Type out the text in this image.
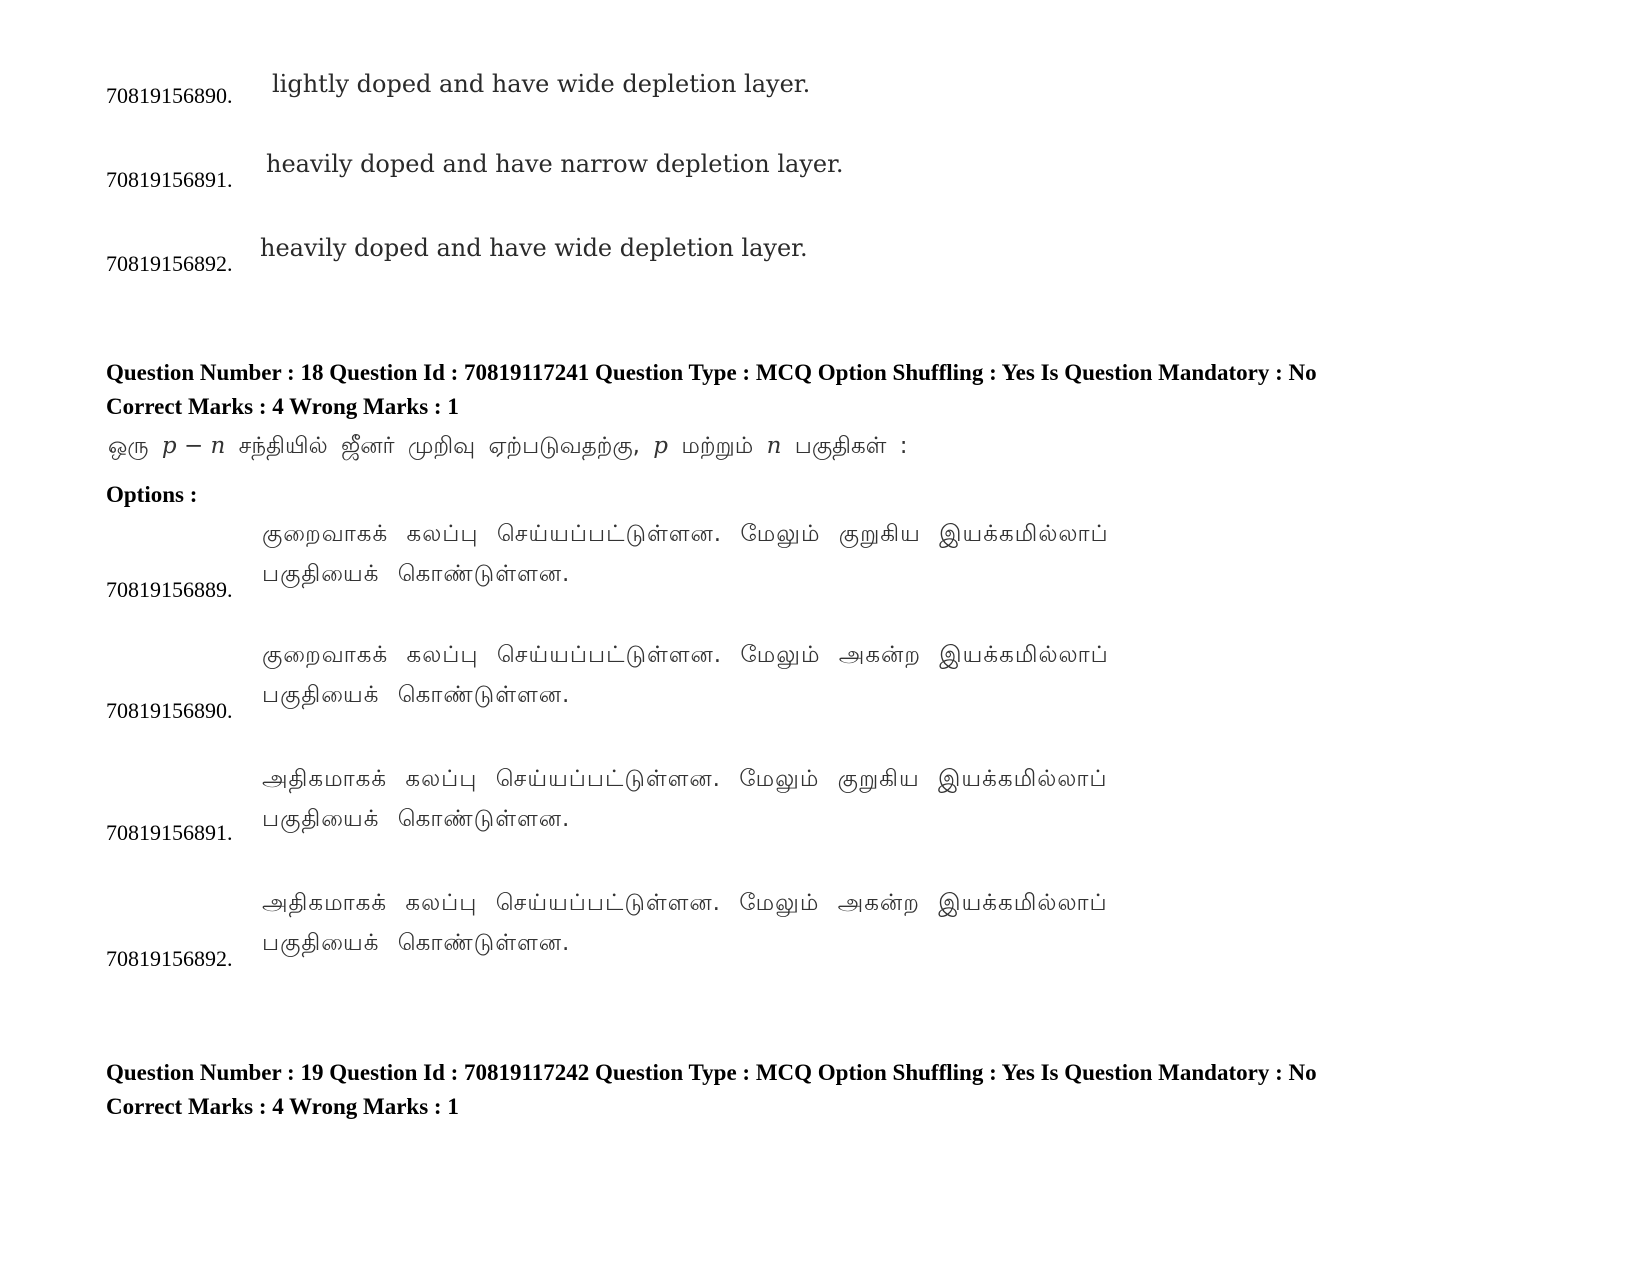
70819156890. lightly doped and have wide depletion layer.
70819156891.
heavily doped and have narrow depletion layer.
70819156892.
heavily doped and have wide depletion layer.
Question Number : 18 Question Id : 70819117241 Question Type : MCQ Option Shuffling : Yes Is Question Mandatory : No
Correct Marks : 4 Wrong Marks : 1
ஒரு p − n சந்தியில் ஜீனர் முறிவு ஏற்படுவதற்கு, p மற்றும் n பகுதிகள் :
Options :
குறைவாகக் கலப்பு செய்யப்பட்டுள்ளன. மேலும் குறுகிய இயக்கமில்லாப்
பகுதியைக் கொண்டுள்ளன.
70819156889.
குறைவாகக் கலப்பு செய்யப்பட்டுள்ளன. மேலும் அகன்ற இயக்கமில்லாப்
பகுதியைக் கொண்டுள்ளன.
70819156890.
அதிகமாகக் கலப்பு செய்யப்பட்டுள்ளன. மேலும் குறுகிய இயக்கமில்லாப்
பகுதியைக் கொண்டுள்ளன.
70819156891.
அதிகமாகக் கலப்பு செய்யப்பட்டுள்ளன. மேலும் அகன்ற இயக்கமில்லாப்
பகுதியைக் கொண்டுள்ளன.
70819156892.
Question Number : 19 Question Id : 70819117242 Question Type : MCQ Option Shuffling : Yes Is Question Mandatory : No
Correct Marks : 4 Wrong Marks : 1
